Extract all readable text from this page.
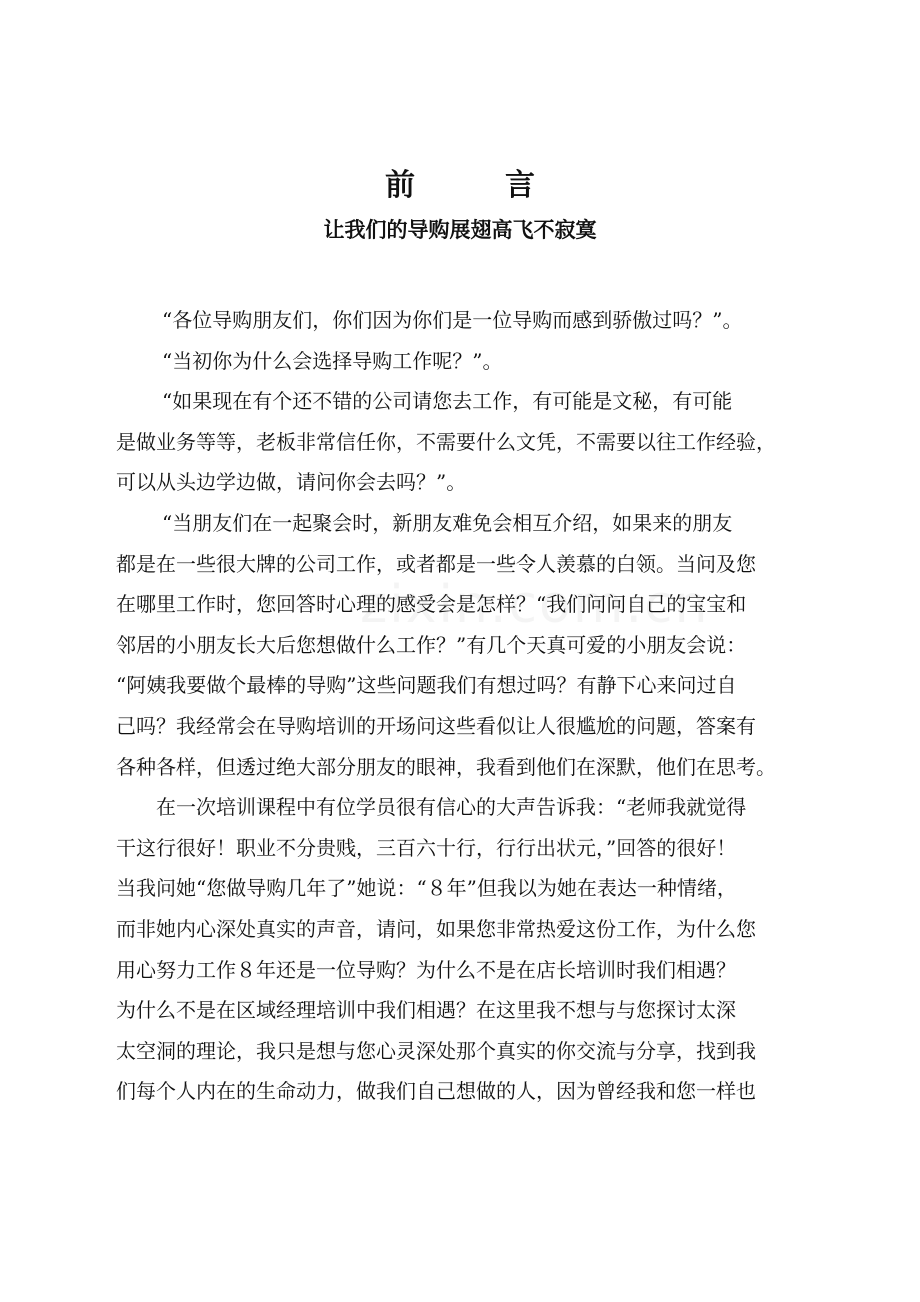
前　　　言
让我们的导购展翅高飞不寂寞
“各位导购朋友们，你们因为你们是一位导购而感到骄傲过吗？”。
“当初你为什么会选择导购工作呢？”。
“如果现在有个还不错的公司请您去工作，有可能是文秘，有可能
是做业务等等，老板非常信任你，不需要什么文凭，不需要以往工作经验，
可以从头边学边做，请问你会去吗？”。
“当朋友们在一起聚会时，新朋友难免会相互介绍，如果来的朋友
都是在一些很大牌的公司工作，或者都是一些令人羡慕的白领。当问及您
在哪里工作时，您回答时心理的感受会是怎样？“我们问问自己的宝宝和
邻居的小朋友长大后您想做什么工作？”有几个天真可爱的小朋友会说：
“阿姨我要做个最棒的导购”这些问题我们有想过吗？有静下心来问过自
己吗？我经常会在导购培训的开场问这些看似让人很尴尬的问题，答案有
各种各样，但透过绝大部分朋友的眼神，我看到他们在深默，他们在思考。
在一次培训课程中有位学员很有信心的大声告诉我：“老师我就觉得
干这行很好！职业不分贵贱，三百六十行，行行出状元，”回答的很好！
当我问她“您做导购几年了”她说：“８年”但我以为她在表达一种情绪，
而非她内心深处真实的声音，请问，如果您非常热爱这份工作，为什么您
用心努力工作８年还是一位导购？为什么不是在店长培训时我们相遇？
为什么不是在区域经理培训中我们相遇？在这里我不想与与您探讨太深
太空洞的理论，我只是想与您心灵深处那个真实的你交流与分享，找到我
们每个人内在的生命动力，做我们自己想做的人，因为曾经我和您一样也
